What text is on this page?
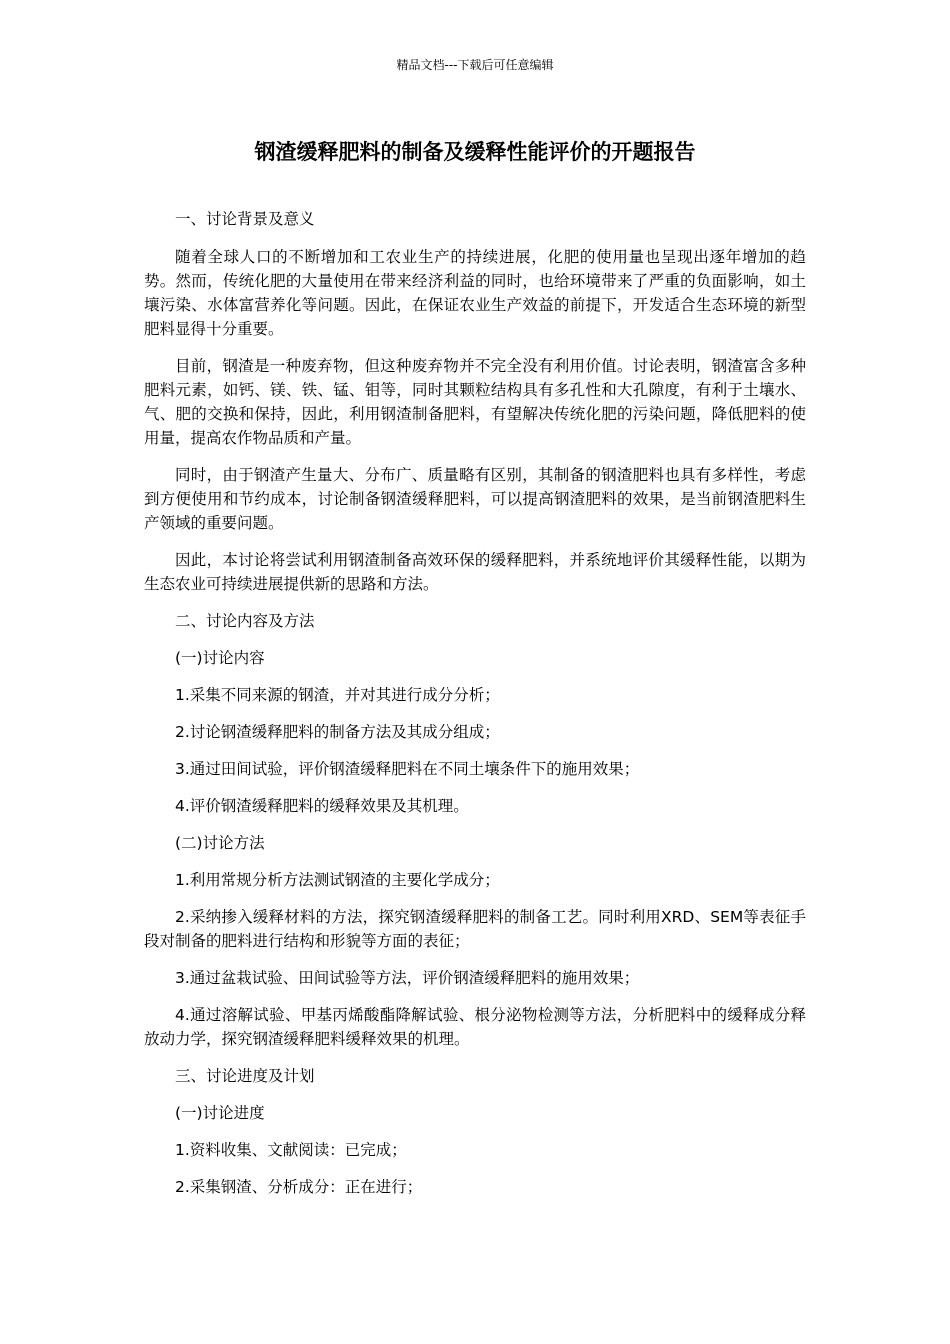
精品文档---下载后可任意编辑
钢渣缓释肥料的制备及缓释性能评价的开题报告

一、讨论背景及意义

随着全球人口的不断增加和工农业生产的持续进展，化肥的使用量也呈现出逐年增加的趋势。然而，传统化肥的大量使用在带来经济利益的同时，也给环境带来了严重的负面影响，如土壤污染、水体富营养化等问题。因此，在保证农业生产效益的前提下，开发适合生态环境的新型肥料显得十分重要。

目前，钢渣是一种废弃物，但这种废弃物并不完全没有利用价值。讨论表明，钢渣富含多种肥料元素，如钙、镁、铁、锰、钼等，同时其颗粒结构具有多孔性和大孔隙度，有利于土壤水、气、肥的交换和保持，因此，利用钢渣制备肥料，有望解决传统化肥的污染问题，降低肥料的使用量，提高农作物品质和产量。

同时，由于钢渣产生量大、分布广、质量略有区别，其制备的钢渣肥料也具有多样性，考虑到方便使用和节约成本，讨论制备钢渣缓释肥料，可以提高钢渣肥料的效果，是当前钢渣肥料生产领域的重要问题。

因此，本讨论将尝试利用钢渣制备高效环保的缓释肥料，并系统地评价其缓释性能，以期为生态农业可持续进展提供新的思路和方法。

二、讨论内容及方法

(一)讨论内容

1.采集不同来源的钢渣，并对其进行成分分析；

2.讨论钢渣缓释肥料的制备方法及其成分组成；

3.通过田间试验，评价钢渣缓释肥料在不同土壤条件下的施用效果；

4.评价钢渣缓释肥料的缓释效果及其机理。

(二)讨论方法

1.利用常规分析方法测试钢渣的主要化学成分；

2.采纳掺入缓释材料的方法，探究钢渣缓释肥料的制备工艺。同时利用XRD、SEM等表征手段对制备的肥料进行结构和形貌等方面的表征；

3.通过盆栽试验、田间试验等方法，评价钢渣缓释肥料的施用效果；

4.通过溶解试验、甲基丙烯酸酯降解试验、根分泌物检测等方法，分析肥料中的缓释成分释放动力学，探究钢渣缓释肥料缓释效果的机理。

三、讨论进度及计划

(一)讨论进度

1.资料收集、文献阅读：已完成；

2.采集钢渣、分析成分：正在进行；
